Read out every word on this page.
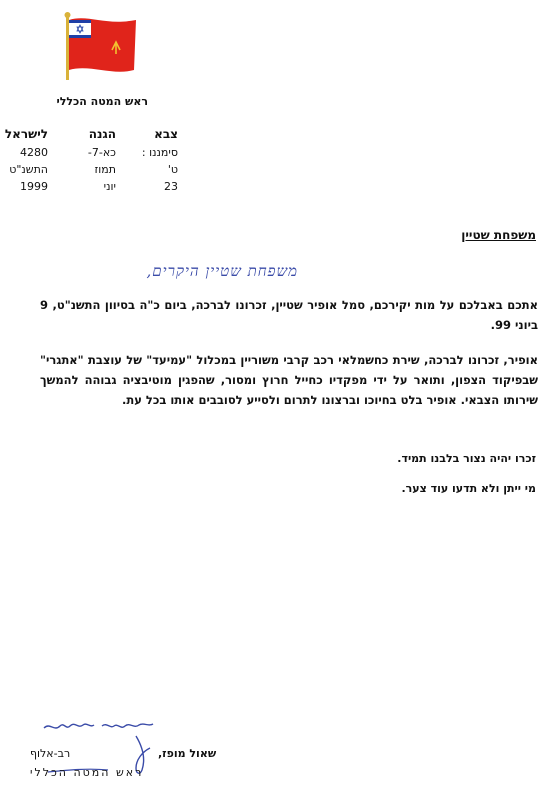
ראש המטה הכללי
צבא
הגנה
לישראל
סימננו :
כא-7-
4280
ט'
תמוז
התשנ"ט
23
יוני
1999
משפחת שטיין
משפחת שטיין היקרים,
אתכם באבלכם על מות יקירכם, סמל אופיר שטיין, זכרונו לברכה, ביום כ"ה בסיוון התשנ"ט, 9 ביוני 99.
אופיר, זכרונו לברכה, שירת כחשמלאי רכב קרבי משוריין במכלול "עמיעד" של עוצבת "אתגרי" שבפיקוד הצפון, ותואר על ידי מפקדיו כחייל חרוץ ומסור, שהפגין מוטיבציה גבוהה להמשך שירותו הצבאי. אופיר בלט בחיוכו וברצונו לתרום ולסייע לסובבים אותו בכל עת.
זכרו יהיה נצור בלבנו תמיד.
מי ייתן ולא תדעו עוד צער.
שאול מופז,
רב-אלוף
ראש המטה הכללי
